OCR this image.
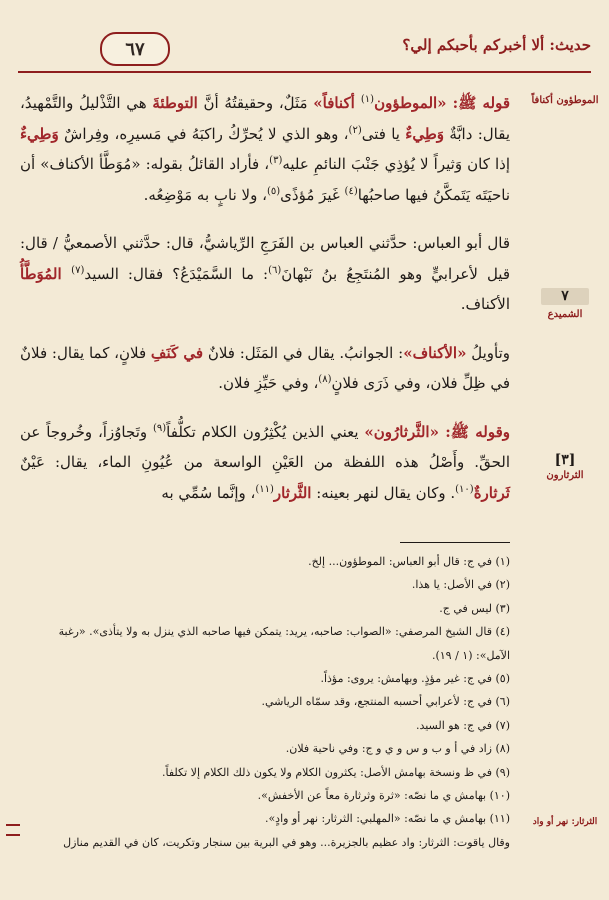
حديث: ألا أخبركم بأحبكم إلي؟
٦٧
الموطؤون أكنافاً
٧
الشميدع
[٣]
الثرثارون
الثرثار: نهر أو واد

قوله ﷺ: «الموطؤون$^{(١)}$ أكنافاً» مَثَلٌ، وحقيقتُهُ أنَّ التوطئةَ هي التَّذْليلُ والتَّمْهيدُ، يقال: دابَّةٌ وَطِيءٌ يا فتى$^{(٢)}$، وهو الذي لا يُحرِّكُ راكبَهُ في مَسيرِه، وفِراشٌ وَطِيءٌ إذا كان وَثيراً لا يُؤذِي جَنْبَ النائمِ عليه$^{(٣)}$، فأراد القائلُ بقوله: «مُوَطَّأ الأكناف» أن ناحيَتَه يَتَمكَّنُ فيها صاحبُها$^{(٤)}$ غَيرَ مُؤذًى$^{(٥)}$، ولا نابٍ به مَوْضِعُه.

قال أبو العباس: حدَّثني العباس بن الفَرَجِ الرِّياشيُّ، قال: حدَّثني الأصمعيُّ / قال: قيل لأعرابيٍّ وهو المُنتَجِعُ بنُ نَبْهانَ$^{(٦)}$: ما السَّمَيْدَعُ؟ فقال: السيد$^{(٧)}$ المُوَطَّأُ الأكناف.

وتأويلُ «الأكناف»: الجوانبُ. يقال في المَثَل: فلانٌ في كَنَفِ فلانٍ، كما يقال: فلانٌ في ظِلِّ فلان، وفي ذَرَى فلانٍ$^{(٨)}$، وفي حَيِّزِ فلان.

وقوله ﷺ: «الثَّرثارُون» يعني الذين يُكْثِرُون الكلام تكلُّفاً$^{(٩)}$ وتَجاوُزاً، وخُروجاً عن الحقِّ. وأَصْلُ هذه اللفظة من العَيْنِ الواسعة من عُيُونِ الماء، يقال: عَيْنٌ ثَرثارةٌ$^{(١٠)}$. وكان يقال لنهر بعينه: الثَّرثار$^{(١١)}$، وإنَّما سُمِّي به

(١) في ج: قال أبو العباس: الموطؤون... إلخ.
(٢) في الأصل: يا هذا.
(٣) ليس في ج.
(٤) قال الشيخ المرصفي: «الصواب: صاحبه، يريد: يتمكن فيها صاحبه الذي ينزل به ولا يتأذى». «رغبة
الآمل»: (١ / ١٩).
(٥) في ج: غير مؤذٍ. وبهامش: يروى: مؤذاً.
(٦) في ج: لأعرابي أحسبه المنتجع، وقد سمّاه الرياشي.
(٧) في ج: هو السيد.
(٨) زاد في أ و ب و س و ي و ج: وفي ناحية فلان.
(٩) في ظ ونسخة بهامش الأصل: يكثرون الكلام ولا يكون ذلك الكلام إلا تكلفاً.
(١٠) بهامش ي ما نصّه: «ثرة وثرثارة معاً عن الأخفش».
(١١) بهامش ي ما نصّه: «المهلبي: الثرثار: نهر أو وادٍ».
وقال ياقوت: الثرثار: واد عظيم بالجزيرة... وهو في البرية بين سنجار وتكريت، كان في القديم منازل
